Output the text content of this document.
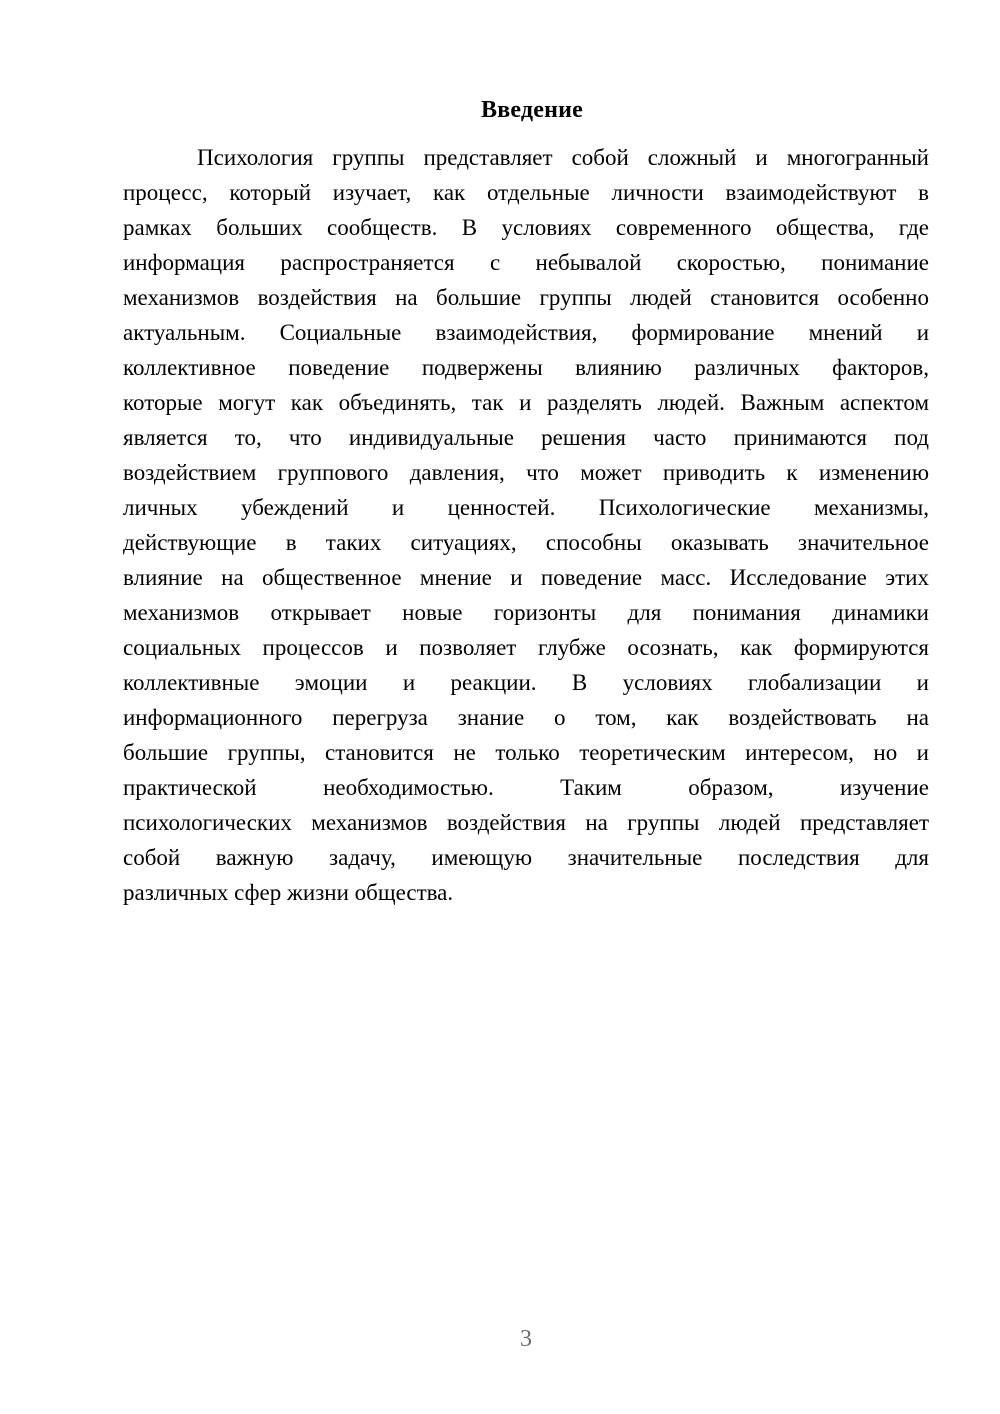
Введение
Психология группы представляет собой сложный и многогранный
процесс, который изучает, как отдельные личности взаимодействуют в
рамках больших сообществ. В условиях современного общества, где
информация распространяется с небывалой скоростью, понимание
механизмов воздействия на большие группы людей становится особенно
актуальным. Социальные взаимодействия, формирование мнений и
коллективное поведение подвержены влиянию различных факторов,
которые могут как объединять, так и разделять людей. Важным аспектом
является то, что индивидуальные решения часто принимаются под
воздействием группового давления, что может приводить к изменению
личных убеждений и ценностей. Психологические механизмы,
действующие в таких ситуациях, способны оказывать значительное
влияние на общественное мнение и поведение масс. Исследование этих
механизмов открывает новые горизонты для понимания динамики
социальных процессов и позволяет глубже осознать, как формируются
коллективные эмоции и реакции. В условиях глобализации и
информационного перегруза знание о том, как воздействовать на
большие группы, становится не только теоретическим интересом, но и
практической необходимостью. Таким образом, изучение
психологических механизмов воздействия на группы людей представляет
собой важную задачу, имеющую значительные последствия для
различных сфер жизни общества.
3
